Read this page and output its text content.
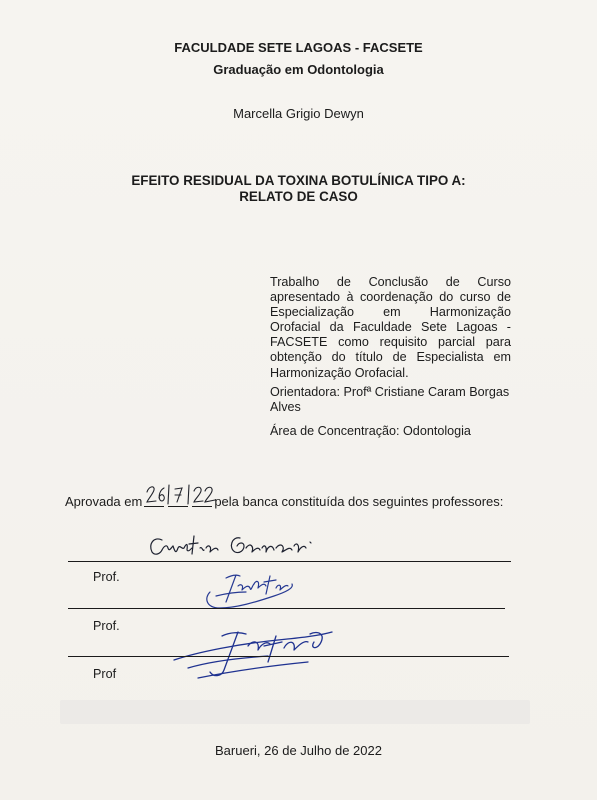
FACULDADE SETE LAGOAS - FACSETE
Graduação em Odontologia
Marcella Grigio Dewyn
EFEITO RESIDUAL DA TOXINA BOTULÍNICA TIPO A:
RELATO DE CASO
Trabalho de Conclusão de Curso apresentado à coordenação do curso de Especialização em Harmonização Orofacial da Faculdade Sete Lagoas - FACSETE como requisito parcial para obtenção do título de Especialista em Harmonização Orofacial.
Orientadora: Profª Cristiane Caram Borgas Alves
Área de Concentração: Odontologia
Aprovada em	pela banca constituída dos seguintes professores:
Prof.
Prof.
Prof
Barueri, 26 de Julho de 2022
